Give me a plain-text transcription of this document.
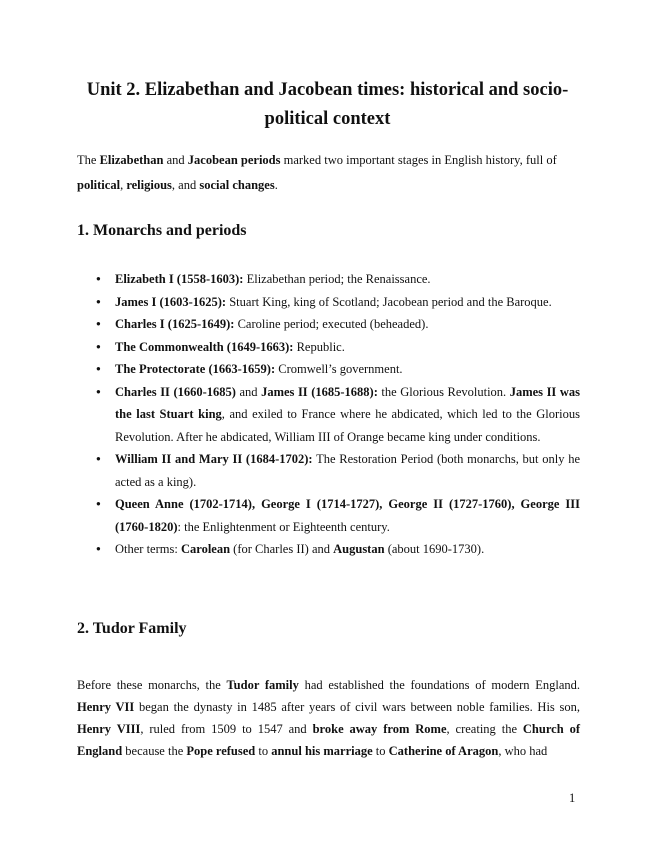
Unit 2. Elizabethan and Jacobean times: historical and socio-political context

The Elizabethan and Jacobean periods marked two important stages in English history, full of political, religious, and social changes.

1. Monarchs and periods
● Elizabeth I (1558-1603): Elizabethan period; the Renaissance.
● James I (1603-1625): Stuart King, king of Scotland; Jacobean period and the Baroque.
● Charles I (1625-1649): Caroline period; executed (beheaded).
● The Commonwealth (1649-1663): Republic.
● The Protectorate (1663-1659): Cromwell’s government.
● Charles II (1660-1685) and James II (1685-1688): the Glorious Revolution. James II was the last Stuart king, and exiled to France where he abdicated, which led to the Glorious Revolution. After he abdicated, William III of Orange became king under conditions.
● William II and Mary II (1684-1702): The Restoration Period (both monarchs, but only he acted as a king).
● Queen Anne (1702-1714), George I (1714-1727), George II (1727-1760), George III (1760-1820): the Enlightenment or Eighteenth century.
● Other terms: Carolean (for Charles II) and Augustan (about 1690-1730).
2. Tudor Family

Before these monarchs, the Tudor family had established the foundations of modern England. Henry VII began the dynasty in 1485 after years of civil wars between noble families. His son, Henry VIII, ruled from 1509 to 1547 and broke away from Rome, creating the Church of England because the Pope refused to annul his marriage to Catherine of Aragon, who had

1
